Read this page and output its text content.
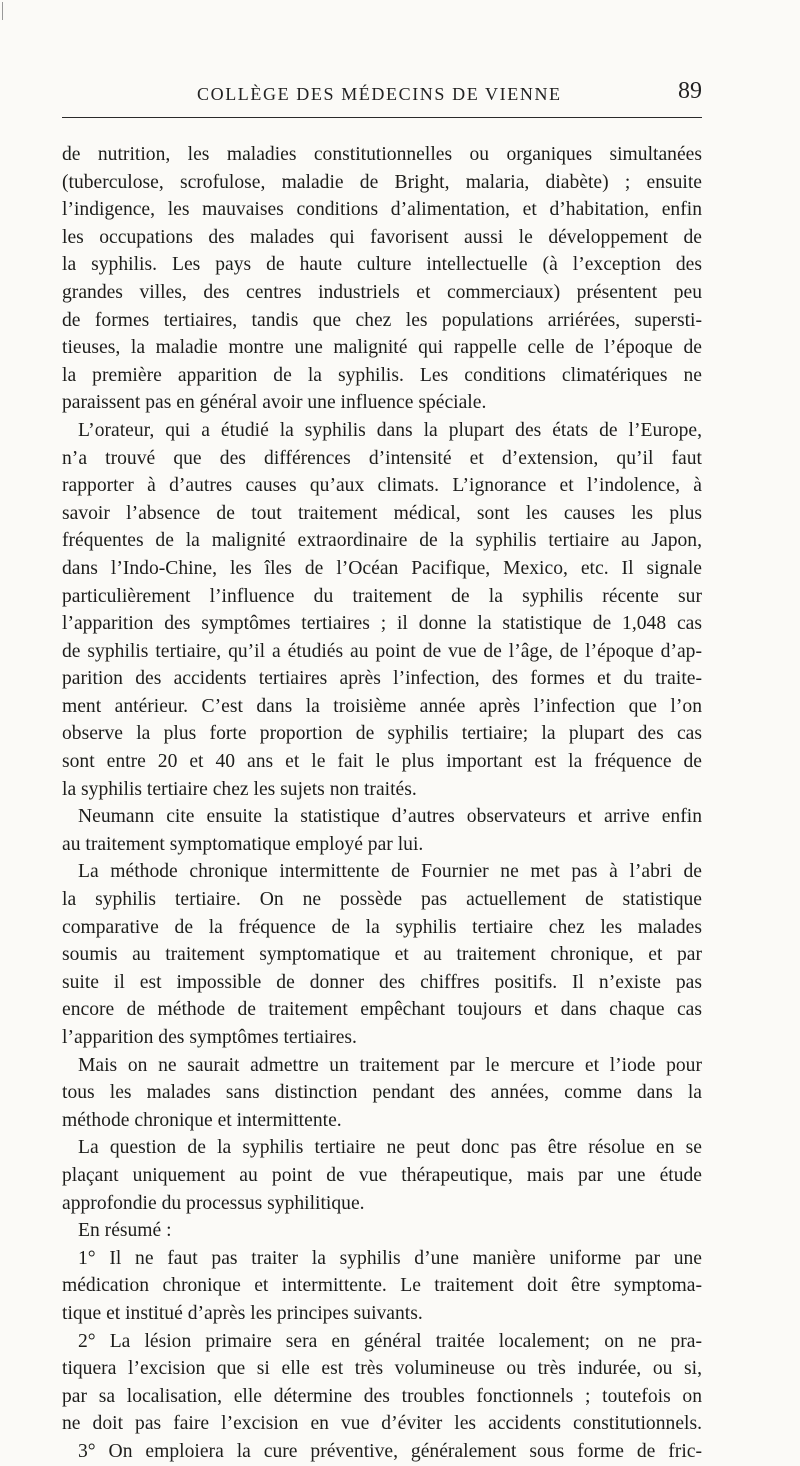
COLLÈGE DES MÉDECINS DE VIENNE	89
de nutrition, les maladies constitutionnelles ou organiques simultanées
(tuberculose, scrofulose, maladie de Bright, malaria, diabète) ; ensuite
l’indigence, les mauvaises conditions d’alimentation, et d’habitation, enfin
les occupations des malades qui favorisent aussi le développement de
la syphilis. Les pays de haute culture intellectuelle (à l’exception des
grandes villes, des centres industriels et commerciaux) présentent peu
de formes tertiaires, tandis que chez les populations arriérées, supersti-
tieuses, la maladie montre une malignité qui rappelle celle de l’époque de
la première apparition de la syphilis. Les conditions climatériques ne
paraissent pas en général avoir une influence spéciale.
L’orateur, qui a étudié la syphilis dans la plupart des états de l’Europe,
n’a trouvé que des différences d’intensité et d’extension, qu’il faut
rapporter à d’autres causes qu’aux climats. L’ignorance et l’indolence, à
savoir l’absence de tout traitement médical, sont les causes les plus
fréquentes de la malignité extraordinaire de la syphilis tertiaire au Japon,
dans l’Indo-Chine, les îles de l’Océan Pacifique, Mexico, etc. Il signale
particulièrement l’influence du traitement de la syphilis récente sur
l’apparition des symptômes tertiaires ; il donne la statistique de 1,048 cas
de syphilis tertiaire, qu’il a étudiés au point de vue de l’âge, de l’époque d’ap-
parition des accidents tertiaires après l’infection, des formes et du traite-
ment antérieur. C’est dans la troisième année après l’infection que l’on
observe la plus forte proportion de syphilis tertiaire; la plupart des cas
sont entre 20 et 40 ans et le fait le plus important est la fréquence de
la syphilis tertiaire chez les sujets non traités.
Neumann cite ensuite la statistique d’autres observateurs et arrive enfin
au traitement symptomatique employé par lui.
La méthode chronique intermittente de Fournier ne met pas à l’abri de
la syphilis tertiaire. On ne possède pas actuellement de statistique
comparative de la fréquence de la syphilis tertiaire chez les malades
soumis au traitement symptomatique et au traitement chronique, et par
suite il est impossible de donner des chiffres positifs. Il n’existe pas
encore de méthode de traitement empêchant toujours et dans chaque cas
l’apparition des symptômes tertiaires.
Mais on ne saurait admettre un traitement par le mercure et l’iode pour
tous les malades sans distinction pendant des années, comme dans la
méthode chronique et intermittente.
La question de la syphilis tertiaire ne peut donc pas être résolue en se
plaçant uniquement au point de vue thérapeutique, mais par une étude
approfondie du processus syphilitique.
En résumé :
1° Il ne faut pas traiter la syphilis d’une manière uniforme par une
médication chronique et intermittente. Le traitement doit être symptoma-
tique et institué d’après les principes suivants.
2° La lésion primaire sera en général traitée localement; on ne pra-
tiquera l’excision que si elle est très volumineuse ou très indurée, ou si,
par sa localisation, elle détermine des troubles fonctionnels ; toutefois on
ne doit pas faire l’excision en vue d’éviter les accidents constitutionnels.
3° On emploiera la cure préventive, généralement sous forme de fric-
